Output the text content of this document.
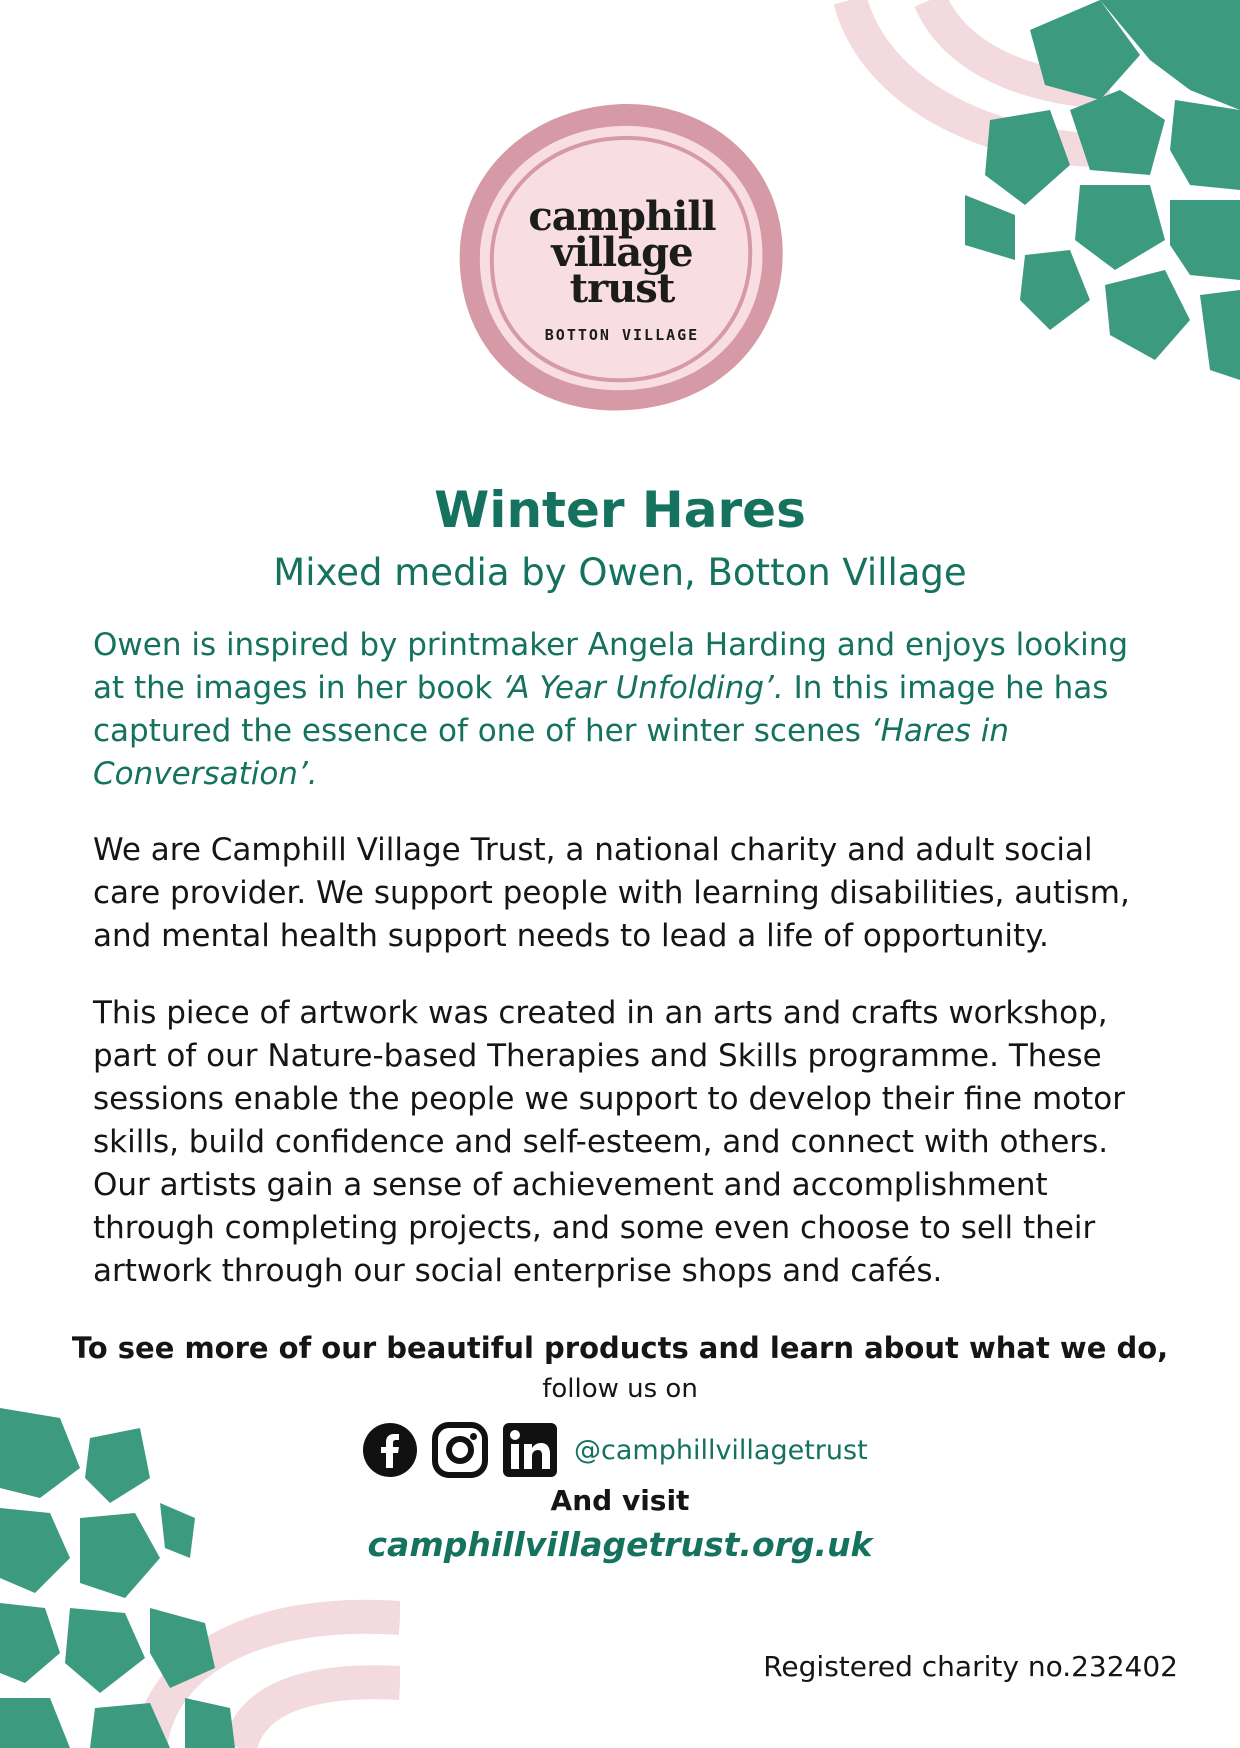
camphill
village
trust
BOTTON VILLAGE
Winter Hares

Mixed media by Owen, Botton Village

Owen is inspired by printmaker Angela Harding and enjoys looking at the images in her book ‘A Year Unfolding’. In this image he has captured the essence of one of her winter scenes ‘Hares in Conversation’.

We are Camphill Village Trust, a national charity and adult social care provider. We support people with learning disabilities, autism, and mental health support needs to lead a life of opportunity.

This piece of artwork was created in an arts and crafts workshop, part of our Nature-based Therapies and Skills programme. These sessions enable the people we support to develop their fine motor skills, build confidence and self-esteem, and connect with others. Our artists gain a sense of achievement and accomplishment through completing projects, and some even choose to sell their artwork through our social enterprise shops and cafés.

To see more of our beautiful products and learn about what we do,

follow us on

@camphillvillagetrust

And visit

camphillvillagetrust.org.uk

Registered charity no.232402
